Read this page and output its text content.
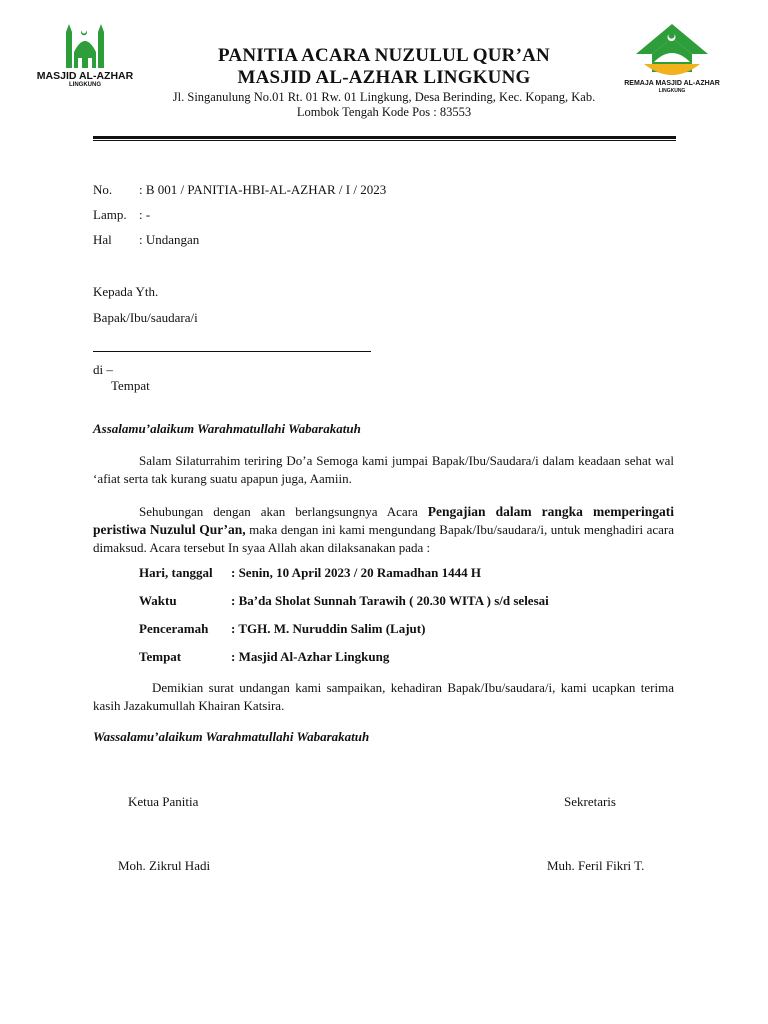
MASJID AL-AZHAR
LINGKUNG	REMAJA MASJID AL-AZHAR
LINGKUNG
PANITIA ACARA NUZULUL QUR’AN
MASJID AL-AZHAR LINGKUNG
Jl. Singanulung No.01 Rt. 01 Rw. 01 Lingkung, Desa Berinding, Kec. Kopang, Kab.
Lombok Tengah Kode Pos : 83553
No. : B 001 / PANITIA-HBI-AL-AZHAR / I / 2023
Lamp. : -
Hal : Undangan
Kepada Yth.
Bapak/Ibu/saudara/i
di –
Tempat
Assalamu’alaikum Warahmatullahi Wabarakatuh
Salam Silaturrahim teriring Do’a Semoga kami jumpai Bapak/Ibu/Saudara/i dalam keadaan sehat wal ‘afiat serta tak kurang suatu apapun juga, Aamiin.
Sehubungan dengan akan berlangsungnya Acara Pengajian dalam rangka memperingati peristiwa Nuzulul Qur’an, maka dengan ini kami mengundang Bapak/Ibu/saudara/i, untuk menghadiri acara dimaksud. Acara tersebut In syaa Allah akan dilaksanakan pada :
Hari, tanggal : Senin, 10 April 2023 / 20 Ramadhan 1444 H
Waktu	: Ba’da Sholat Sunnah Tarawih ( 20.30 WITA ) s/d selesai
Penceramah : TGH. M. Nuruddin Salim (Lajut)
Tempat	: Masjid Al-Azhar Lingkung
Demikian surat undangan kami sampaikan, kehadiran Bapak/Ibu/saudara/i, kami ucapkan terima kasih Jazakumullah Khairan Katsira.
Wassalamu’alaikum Warahmatullahi Wabarakatuh
Ketua Panitia	Sekretaris
Moh. Zikrul Hadi	Muh. Feril Fikri T.
